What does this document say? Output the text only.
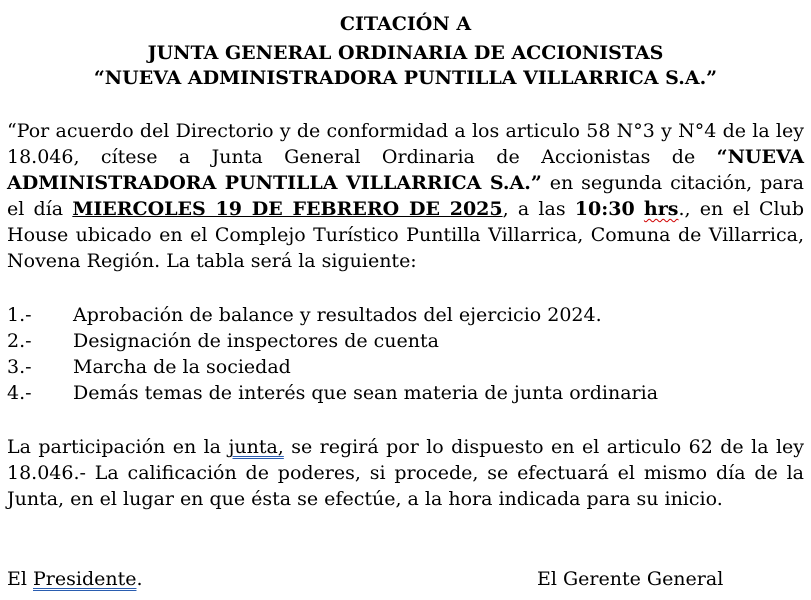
CITACIÓN A
JUNTA GENERAL ORDINARIA DE ACCIONISTAS
“NUEVA ADMINISTRADORA PUNTILLA VILLARRICA S.A.”
“Por acuerdo del Directorio y de conformidad a los articulo 58 N°3 y N°4 de la ley 18.046, cítese a Junta General Ordinaria de Accionistas de “NUEVA ADMINISTRADORA PUNTILLA VILLARRICA S.A.” en segunda citación, para el día MIERCOLES 19 DE FEBRERO DE 2025, a las 10:30 hrs., en el Club House ubicado en el Complejo Turístico Puntilla Villarrica, Comuna de Villarrica, Novena Región. La tabla será la siguiente:
1.-	Aprobación de balance y resultados del ejercicio 2024.
2.-	Designación de inspectores de cuenta
3.-	Marcha de la sociedad
4.-	Demás temas de interés que sean materia de junta ordinaria
La participación en la junta, se regirá por lo dispuesto en el articulo 62 de la ley 18.046.- La calificación de poderes, si procede, se efectuará el mismo día de la Junta, en el lugar en que ésta se efectúe, a la hora indicada para su inicio.
El Presidente.	El Gerente General
